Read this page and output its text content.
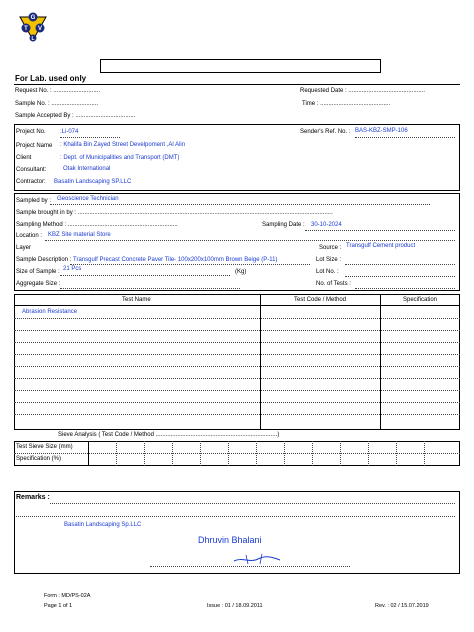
G
T V
L
For Lab. used only
Request No. : ............................	Requested Date : ..............................................
Sample No. : ............................	Time : ..........................................
Sample Accepted By : ....................................
Project No. :Li-074	Sender's Ref. No. : BAS-KBZ-SMP-106
Project Name : Khalifa Bin Zayed Street Develpoment ,Al Alin
Client	: Dept. of Municipalities and Transport (DMT)
Consultant:	Otak International
Contractor: Basatin Landscaping SP.LLC
Sampled by : Geoscience Technician
Sample brought in by : .........................................................................................................................................................
Sampling Method : ..................................................................	Sampling Date : 30-10-2024
Location : KBZ Site material Store
Layer	Source : Transgulf Cement product
Sample Description : Transgulf Precast Concrete Paver Tile- 100x200x100mm Brown Beige (P-11)	Lot Size :
Size of Sample : 21 Pcs	(Kg)	Lot No. :
Aggregate Size :	No. of Tests :
Test Name	Test Code / Method	Specification
Abrasion Resistance
Sieve Analysis ( Test Code / Method .........................................................................)
Test Sieve Size (mm)
Specification (%)
Remarks :
Basatin Landscaping Sp.LLC
Dhruvin Bhalani
Form : MD/PS-02A
Page 1 of 1	Issue : 01 / 18.09.2011	Rev. : 02 / 15.07.2019
